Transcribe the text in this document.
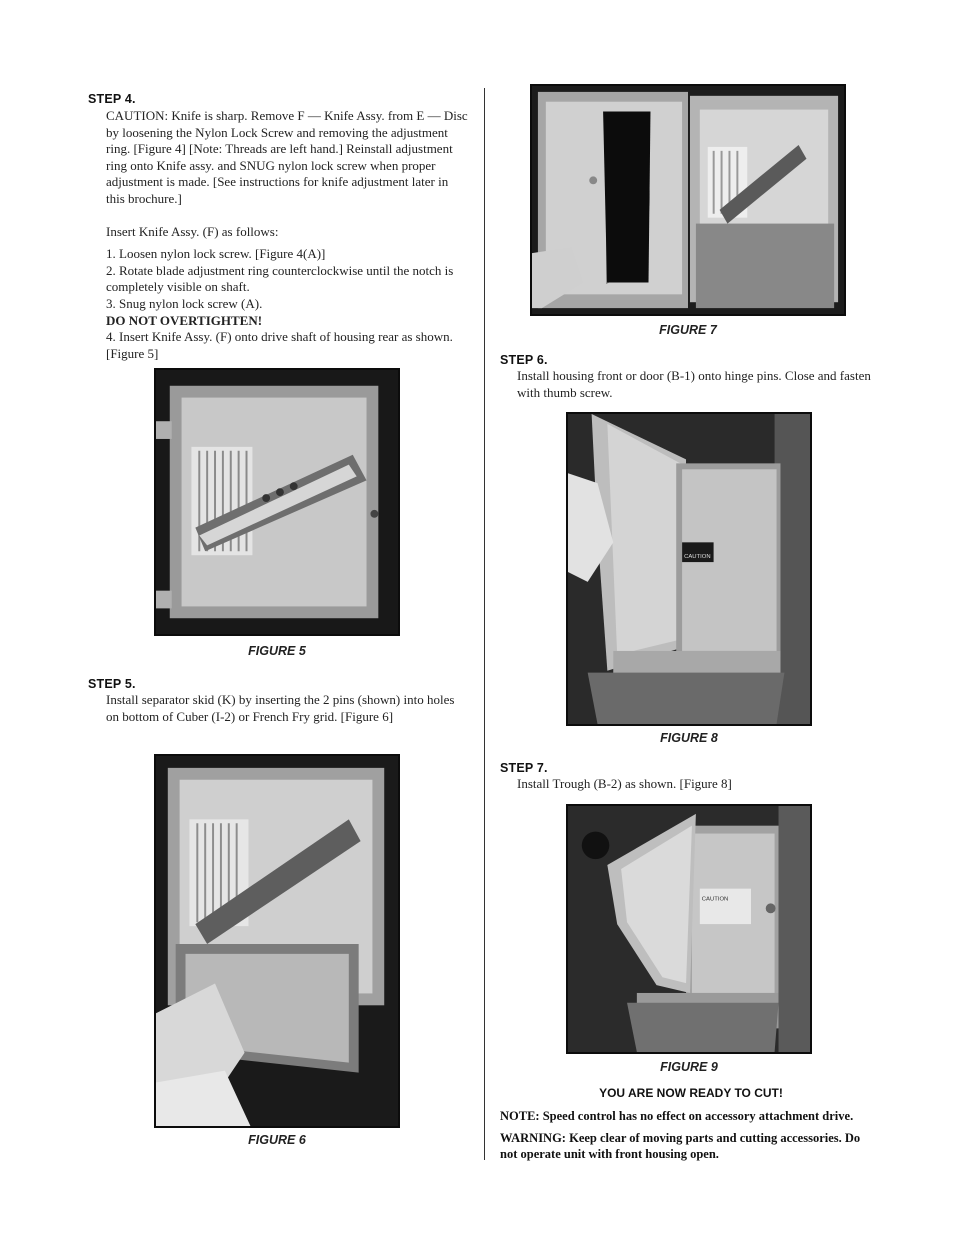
STEP 4.

CAUTION: Knife is sharp. Remove F — Knife Assy. from E — Disc by loosening the Nylon Lock Screw and removing the adjustment ring. [Figure 4] [Note: Threads are left hand.] Reinstall adjustment ring onto Knife assy. and SNUG nylon lock screw when proper adjustment is made. [See instructions for knife adjustment later in this brochure.]

Insert Knife Assy. (F) as follows:

1. Loosen nylon lock screw. [Figure 4(A)]

2. Rotate blade adjustment ring counterclockwise until the notch is completely visible on shaft.

3. Snug nylon lock screw (A).

DO NOT OVERTIGHTEN!

4. Insert Knife Assy. (F) onto drive shaft of housing rear as shown. [Figure 5]

FIGURE 5
STEP 5.

Install separator skid (K) by inserting the 2 pins (shown) into holes on bottom of Cuber (I-2) or French Fry grid. [Figure 6]

FIGURE 6
FIGURE 7
STEP 6.

Install housing front or door (B-1) onto hinge pins. Close and fasten with thumb screw.

CAUTION
FIGURE 8
STEP 7.

Install Trough (B-2) as shown. [Figure 8]

CAUTION
FIGURE 9
YOU ARE NOW READY TO CUT!
NOTE: Speed control has no effect on accessory attachment drive.
WARNING: Keep clear of moving parts and cutting accessories. Do not operate unit with front housing open.
